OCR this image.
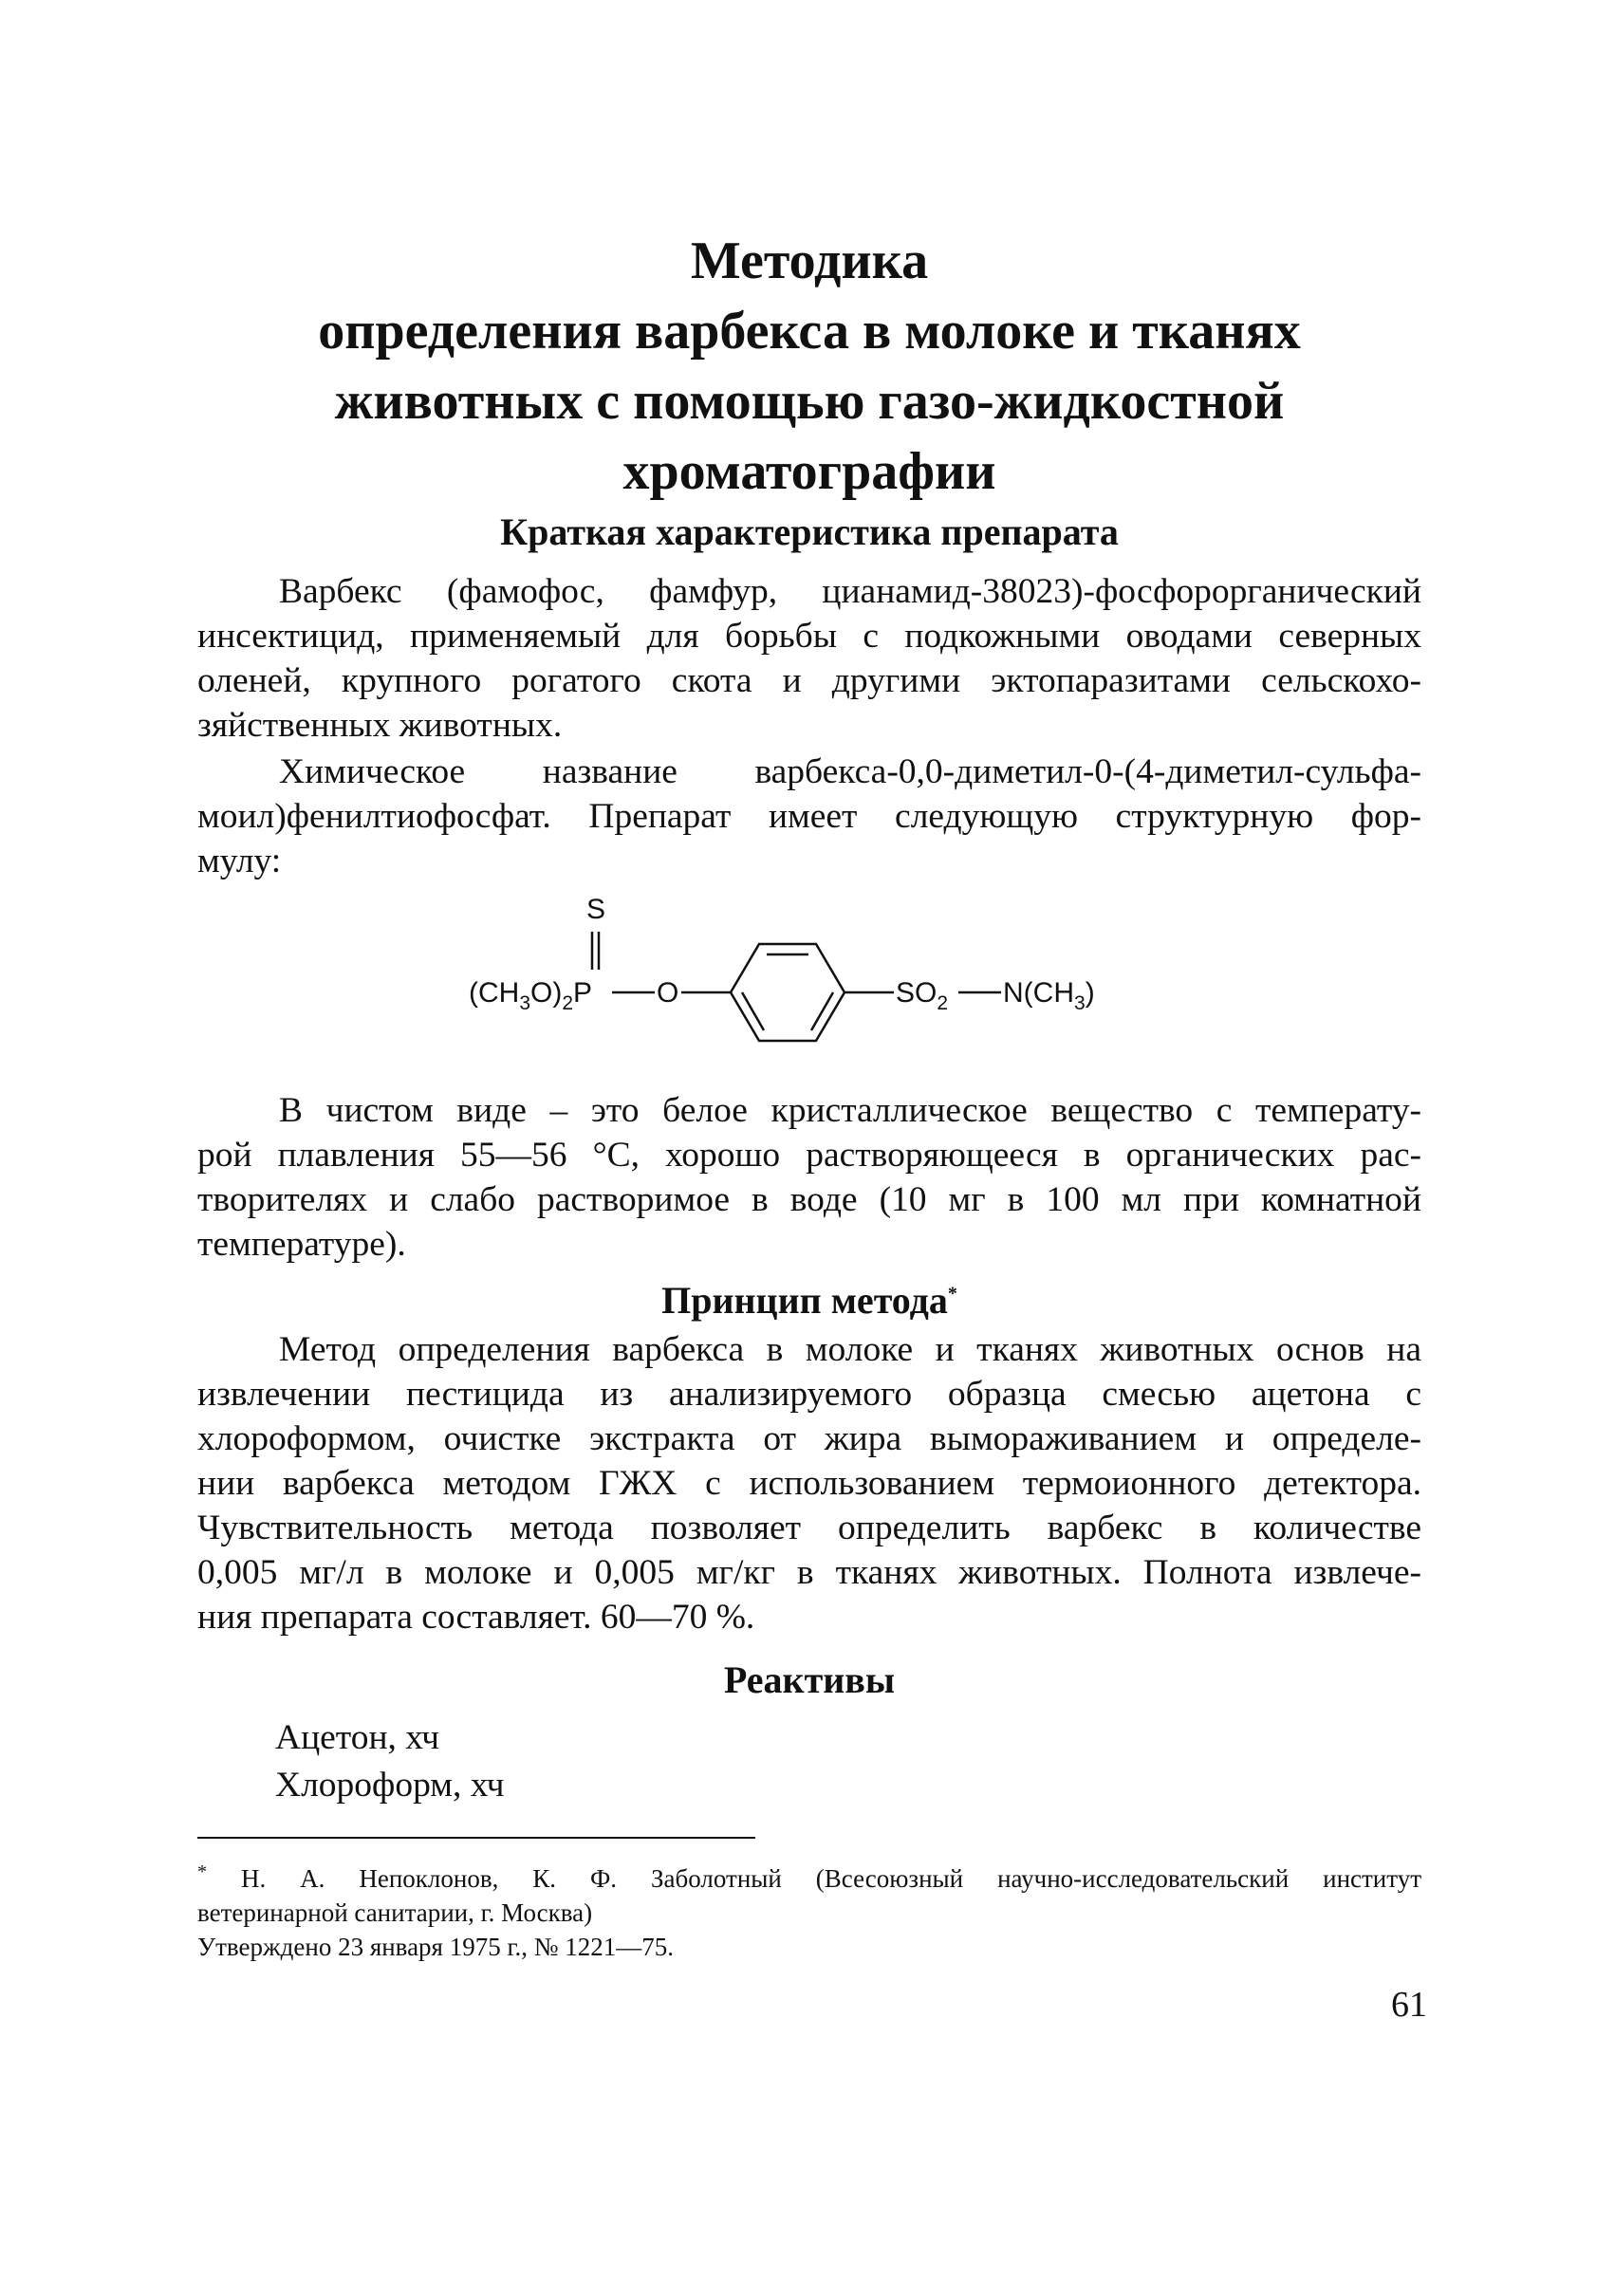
Методика
определения варбекса в молоке и тканях
животных с помощью газо-жидкостной
хроматографии
Краткая характеристика препарата
Варбекс (фамофос, фамфур, цианамид-38023)-фосфорорганический
инсектицид, применяемый для борьбы с подкожными оводами северных
оленей, крупного рогатого скота и другими эктопаразитами сельскохо-
зяйственных животных.
Химическое название варбекса-0,0-диметил-0-(4-диметил-сульфа-
моил)фенилтиофосфат. Препарат имеет следующую структурную фор-
мулу:
S
$(CH_3O)_2P$ O	$SO_2$ $N(CH_3)$
В чистом виде – это белое кристаллическое вещество с температу-
рой плавления 55—56 °С, хорошо растворяющееся в органических рас-
творителях и слабо растворимое в воде (10 мг в 100 мл при комнатной
температуре).
Принцип метода*
Метод определения варбекса в молоке и тканях животных основ на
извлечении пестицида из анализируемого образца смесью ацетона с
хлороформом, очистке экстракта от жира вымораживанием и определе-
нии варбекса методом ГЖХ с использованием термоионного детектора.
Чувствительность метода позволяет определить варбекс в количестве
0,005 мг/л в молоке и 0,005 мг/кг в тканях животных. Полнота извлече-
ния препарата составляет. 60—70 %.
Реактивы
Ацетон, хч
Хлороформ, хч
* Н. А. Непоклонов, К. Ф. Заболотный (Всесоюзный научно-исследовательский институт
ветеринарной санитарии, г. Москва)
Утверждено 23 января 1975 г., № 1221—75.
61
